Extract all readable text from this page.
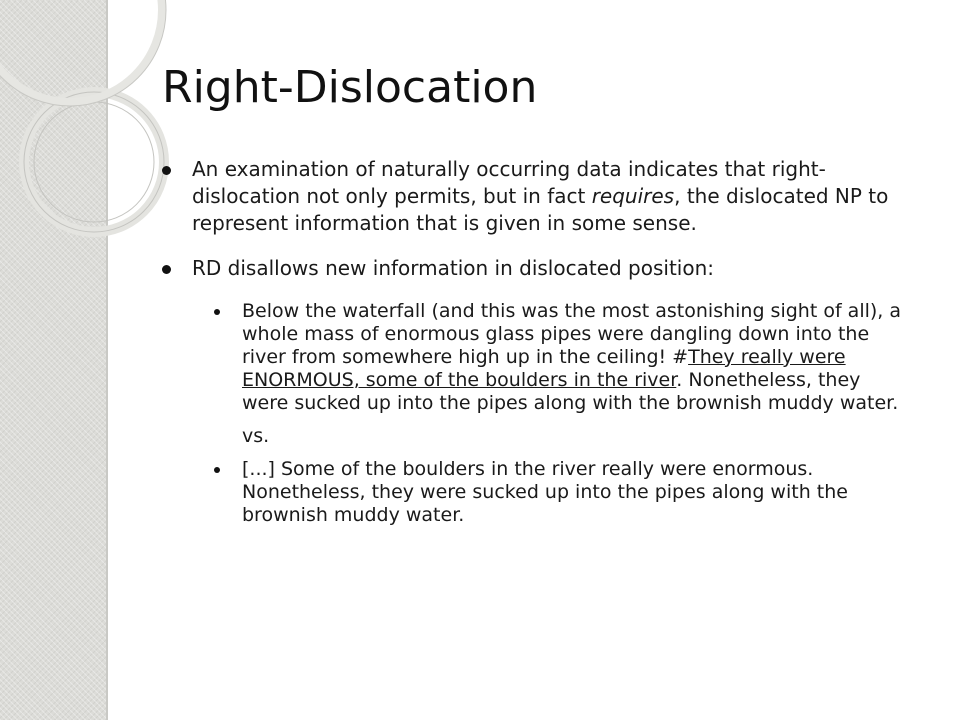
Right-Dislocation
An examination of naturally occurring data indicates that right-dislocation not only permits, but in fact requires, the dislocated NP to represent information that is given in some sense.
RD disallows new information in dislocated position:
Below the waterfall (and this was the most astonishing sight of all), a whole mass of enormous glass pipes were dangling down into the river from somewhere high up in the ceiling! #They really were ENORMOUS, some of the boulders in the river. Nonetheless, they were sucked up into the pipes along with the brownish muddy water.
vs.
[...] Some of the boulders in the river really were enormous. Nonetheless, they were sucked up into the pipes along with the brownish muddy water.
